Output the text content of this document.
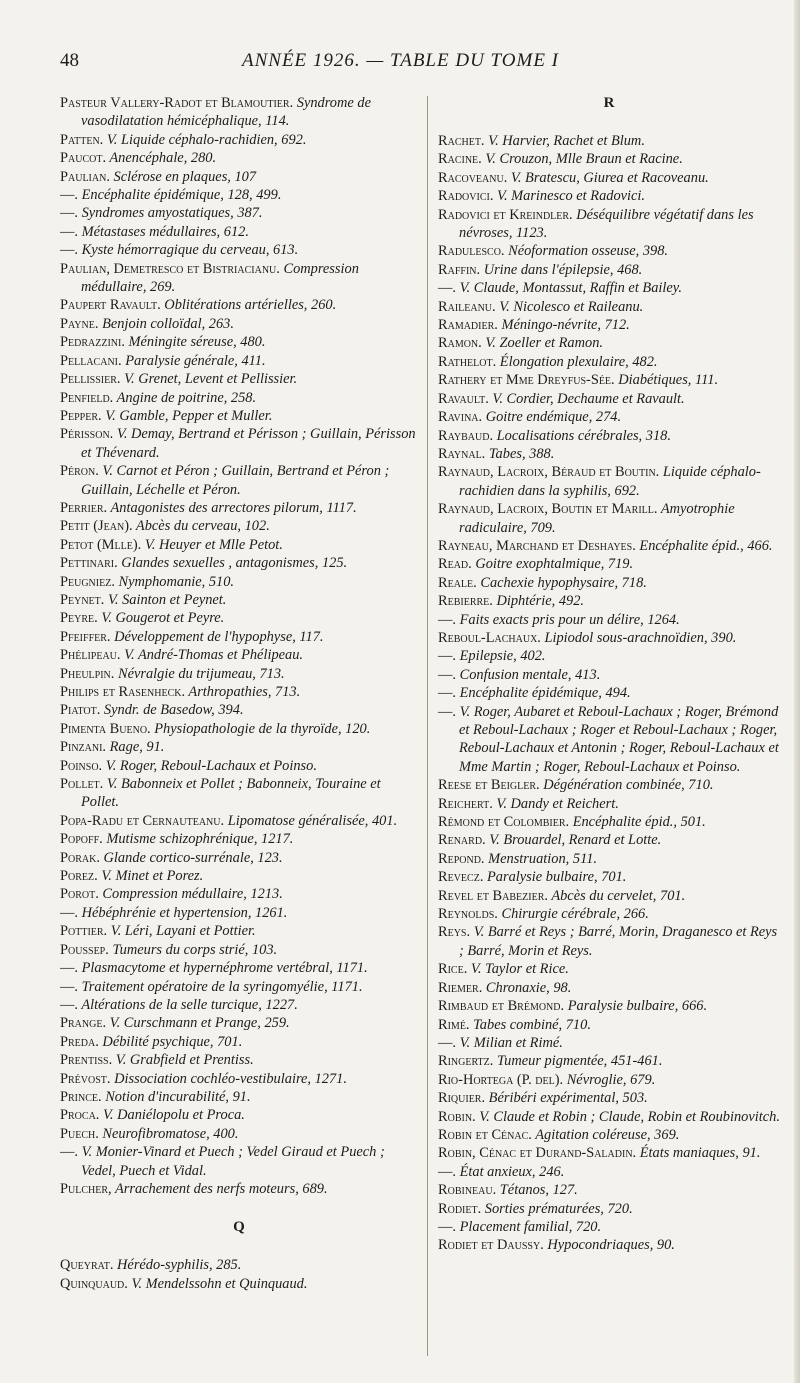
48	ANNÉE 1926. — TABLE DU TOME I

Pasteur Vallery-Radot et Blamoutier. Syndrome de vasodilatation hémicéphalique, 114.

Patten. V. Liquide céphalo-rachidien, 692.

Paucot. Anencéphale, 280.

Paulian. Sclérose en plaques, 107

—. Encéphalite épidémique, 128, 499.

—. Syndromes amyostatiques, 387.

—. Métastases médullaires, 612.

—. Kyste hémorragique du cerveau, 613.

Paulian, Demetresco et Bistriacianu. Compression médullaire, 269.

Paupert Ravault. Oblitérations artérielles, 260.

Payne. Benjoin colloïdal, 263.

Pedrazzini. Méningite séreuse, 480.

Pellacani. Paralysie générale, 411.

Pellissier. V. Grenet, Levent et Pellissier.

Penfield. Angine de poitrine, 258.

Pepper. V. Gamble, Pepper et Muller.

Périsson. V. Demay, Bertrand et Périsson ; Guillain, Périsson et Thévenard.

Péron. V. Carnot et Péron ; Guillain, Bertrand et Péron ; Guillain, Léchelle et Péron.

Perrier. Antagonistes des arrectores pilorum, 1117.

Petit (Jean). Abcès du cerveau, 102.

Petot (Mlle). V. Heuyer et Mlle Petot.

Pettinari. Glandes sexuelles , antagonismes, 125.

Peugniez. Nymphomanie, 510.

Peynet. V. Sainton et Peynet.

Peyre. V. Gougerot et Peyre.

Pfeiffer. Développement de l'hypophyse, 117.

Phélipeau. V. André-Thomas et Phélipeau.

Pheulpin. Névralgie du trijumeau, 713.

Philips et Rasenheck. Arthropathies, 713.

Piatot. Syndr. de Basedow, 394.

Pimenta Bueno. Physiopathologie de la thyroïde, 120.

Pinzani. Rage, 91.

Poinso. V. Roger, Reboul-Lachaux et Poinso.

Pollet. V. Babonneix et Pollet ; Babonneix, Touraine et Pollet.

Popa-Radu et Cernauteanu. Lipomatose généralisée, 401.

Popoff. Mutisme schizophrénique, 1217.

Porak. Glande cortico-surrénale, 123.

Porez. V. Minet et Porez.

Porot. Compression médullaire, 1213.

—. Hébéphrénie et hypertension, 1261.

Pottier. V. Léri, Layani et Pottier.

Poussep. Tumeurs du corps strié, 103.

—. Plasmacytome et hypernéphrome vertébral, 1171.

—. Traitement opératoire de la syringomyélie, 1171.

—. Altérations de la selle turcique, 1227.

Prange. V. Curschmann et Prange, 259.

Preda. Débilité psychique, 701.

Prentiss. V. Grabfield et Prentiss.

Prévost. Dissociation cochléo-vestibulaire, 1271.

Prince. Notion d'incurabilité, 91.

Proca. V. Daniélopolu et Proca.

Puech. Neurofibromatose, 400.

—. V. Monier-Vinard et Puech ; Vedel Giraud et Puech ; Vedel, Puech et Vidal.

Pulcher, Arrachement des nerfs moteurs, 689.

Q

Queyrat. Hérédo-syphilis, 285.

Quinquaud. V. Mendelssohn et Quinquaud.

R

Rachet. V. Harvier, Rachet et Blum.

Racine. V. Crouzon, Mlle Braun et Racine.

Racoveanu. V. Bratescu, Giurea et Racoveanu.

Radovici. V. Marinesco et Radovici.

Radovici et Kreindler. Déséquilibre végétatif dans les névroses, 1123.

Radulesco. Néoformation osseuse, 398.

Raffin. Urine dans l'épilepsie, 468.

—. V. Claude, Montassut, Raffin et Bailey.

Raileanu. V. Nicolesco et Raileanu.

Ramadier. Méningo-névrite, 712.

Ramon. V. Zoeller et Ramon.

Rathelot. Élongation plexulaire, 482.

Rathery et Mme Dreyfus-Sée. Diabétiques, 111.

Ravault. V. Cordier, Dechaume et Ravault.

Ravina. Goitre endémique, 274.

Raybaud. Localisations cérébrales, 318.

Raynal. Tabes, 388.

Raynaud, Lacroix, Béraud et Boutin. Liquide céphalo-rachidien dans la syphilis, 692.

Raynaud, Lacroix, Boutin et Marill. Amyotrophie radiculaire, 709.

Rayneau, Marchand et Deshayes. Encéphalite épid., 466.

Read. Goitre exophtalmique, 719.

Reale. Cachexie hypophysaire, 718.

Rebierre. Diphtérie, 492.

—. Faits exacts pris pour un délire, 1264.

Reboul-Lachaux. Lipiodol sous-arachnoïdien, 390.

—. Epilepsie, 402.

—. Confusion mentale, 413.

—. Encéphalite épidémique, 494.

—. V. Roger, Aubaret et Reboul-Lachaux ; Roger, Brémond et Reboul-Lachaux ; Roger et Reboul-Lachaux ; Roger, Reboul-Lachaux et Antonin ; Roger, Reboul-Lachaux et Mme Martin ; Roger, Reboul-Lachaux et Poinso.

Reese et Beigler. Dégénération combinée, 710.

Reichert. V. Dandy et Reichert.

Rémond et Colombier. Encéphalite épid., 501.

Renard. V. Brouardel, Renard et Lotte.

Repond. Menstruation, 511.

Revecz. Paralysie bulbaire, 701.

Revel et Babezier. Abcès du cervelet, 701.

Reynolds. Chirurgie cérébrale, 266.

Reys. V. Barré et Reys ; Barré, Morin, Draganesco et Reys ; Barré, Morin et Reys.

Rice. V. Taylor et Rice.

Riemer. Chronaxie, 98.

Rimbaud et Brémond. Paralysie bulbaire, 666.

Rimé. Tabes combiné, 710.

—. V. Milian et Rimé.

Ringertz. Tumeur pigmentée, 451-461.

Rio-Hortega (P. del). Névroglie, 679.

Riquier. Béribéri expérimental, 503.

Robin. V. Claude et Robin ; Claude, Robin et Roubinovitch.

Robin et Cénac. Agitation coléreuse, 369.

Robin, Cénac et Durand-Saladin. États maniaques, 91.

—. État anxieux, 246.

Robineau. Tétanos, 127.

Rodiet. Sorties prématurées, 720.

—. Placement familial, 720.

Rodiet et Daussy. Hypocondriaques, 90.
